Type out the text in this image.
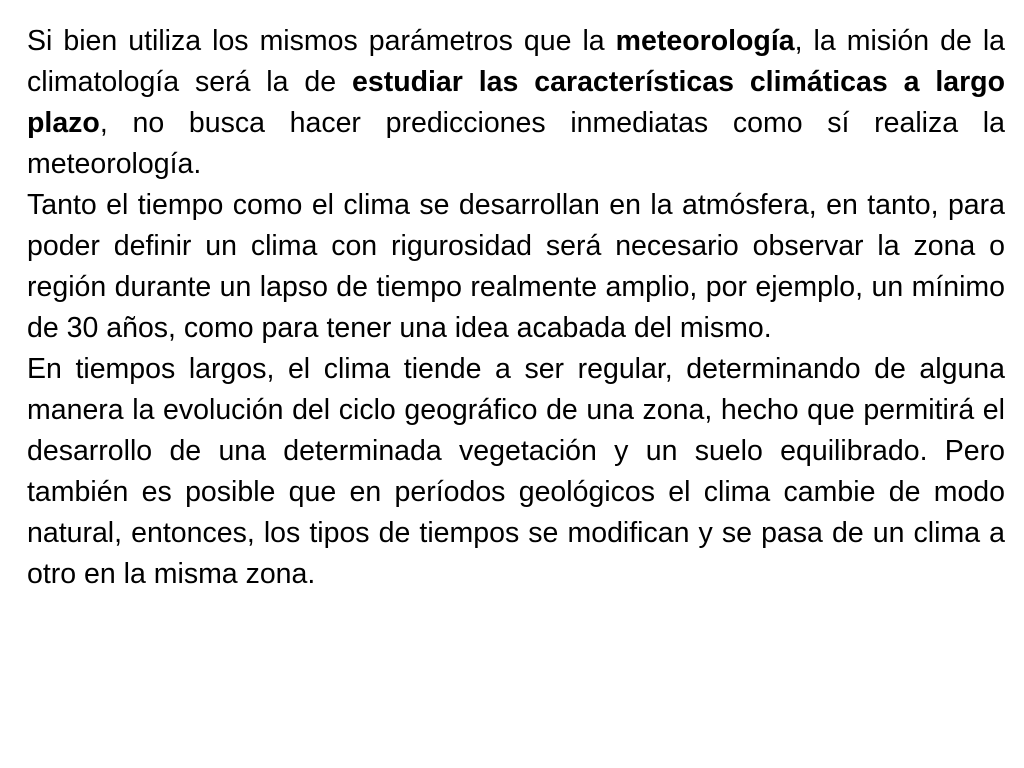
Si bien utiliza los mismos parámetros que la meteorología, la misión de la climatología será la de estudiar las características climáticas a largo plazo, no busca hacer predicciones inmediatas como sí realiza la meteorología.

Tanto el tiempo como el clima se desarrollan en la atmósfera, en tanto, para poder definir un clima con rigurosidad será necesario observar la zona o región durante un lapso de tiempo realmente amplio, por ejemplo, un mínimo de 30 años, como para tener una idea acabada del mismo.

En tiempos largos, el clima tiende a ser regular, determinando de alguna manera la evolución del ciclo geográfico de una zona, hecho que permitirá el desarrollo de una determinada vegetación y un suelo equilibrado. Pero también es posible que en períodos geológicos el clima cambie de modo natural, entonces, los tipos de tiempos se modifican y se pasa de un clima a otro en la misma zona.
